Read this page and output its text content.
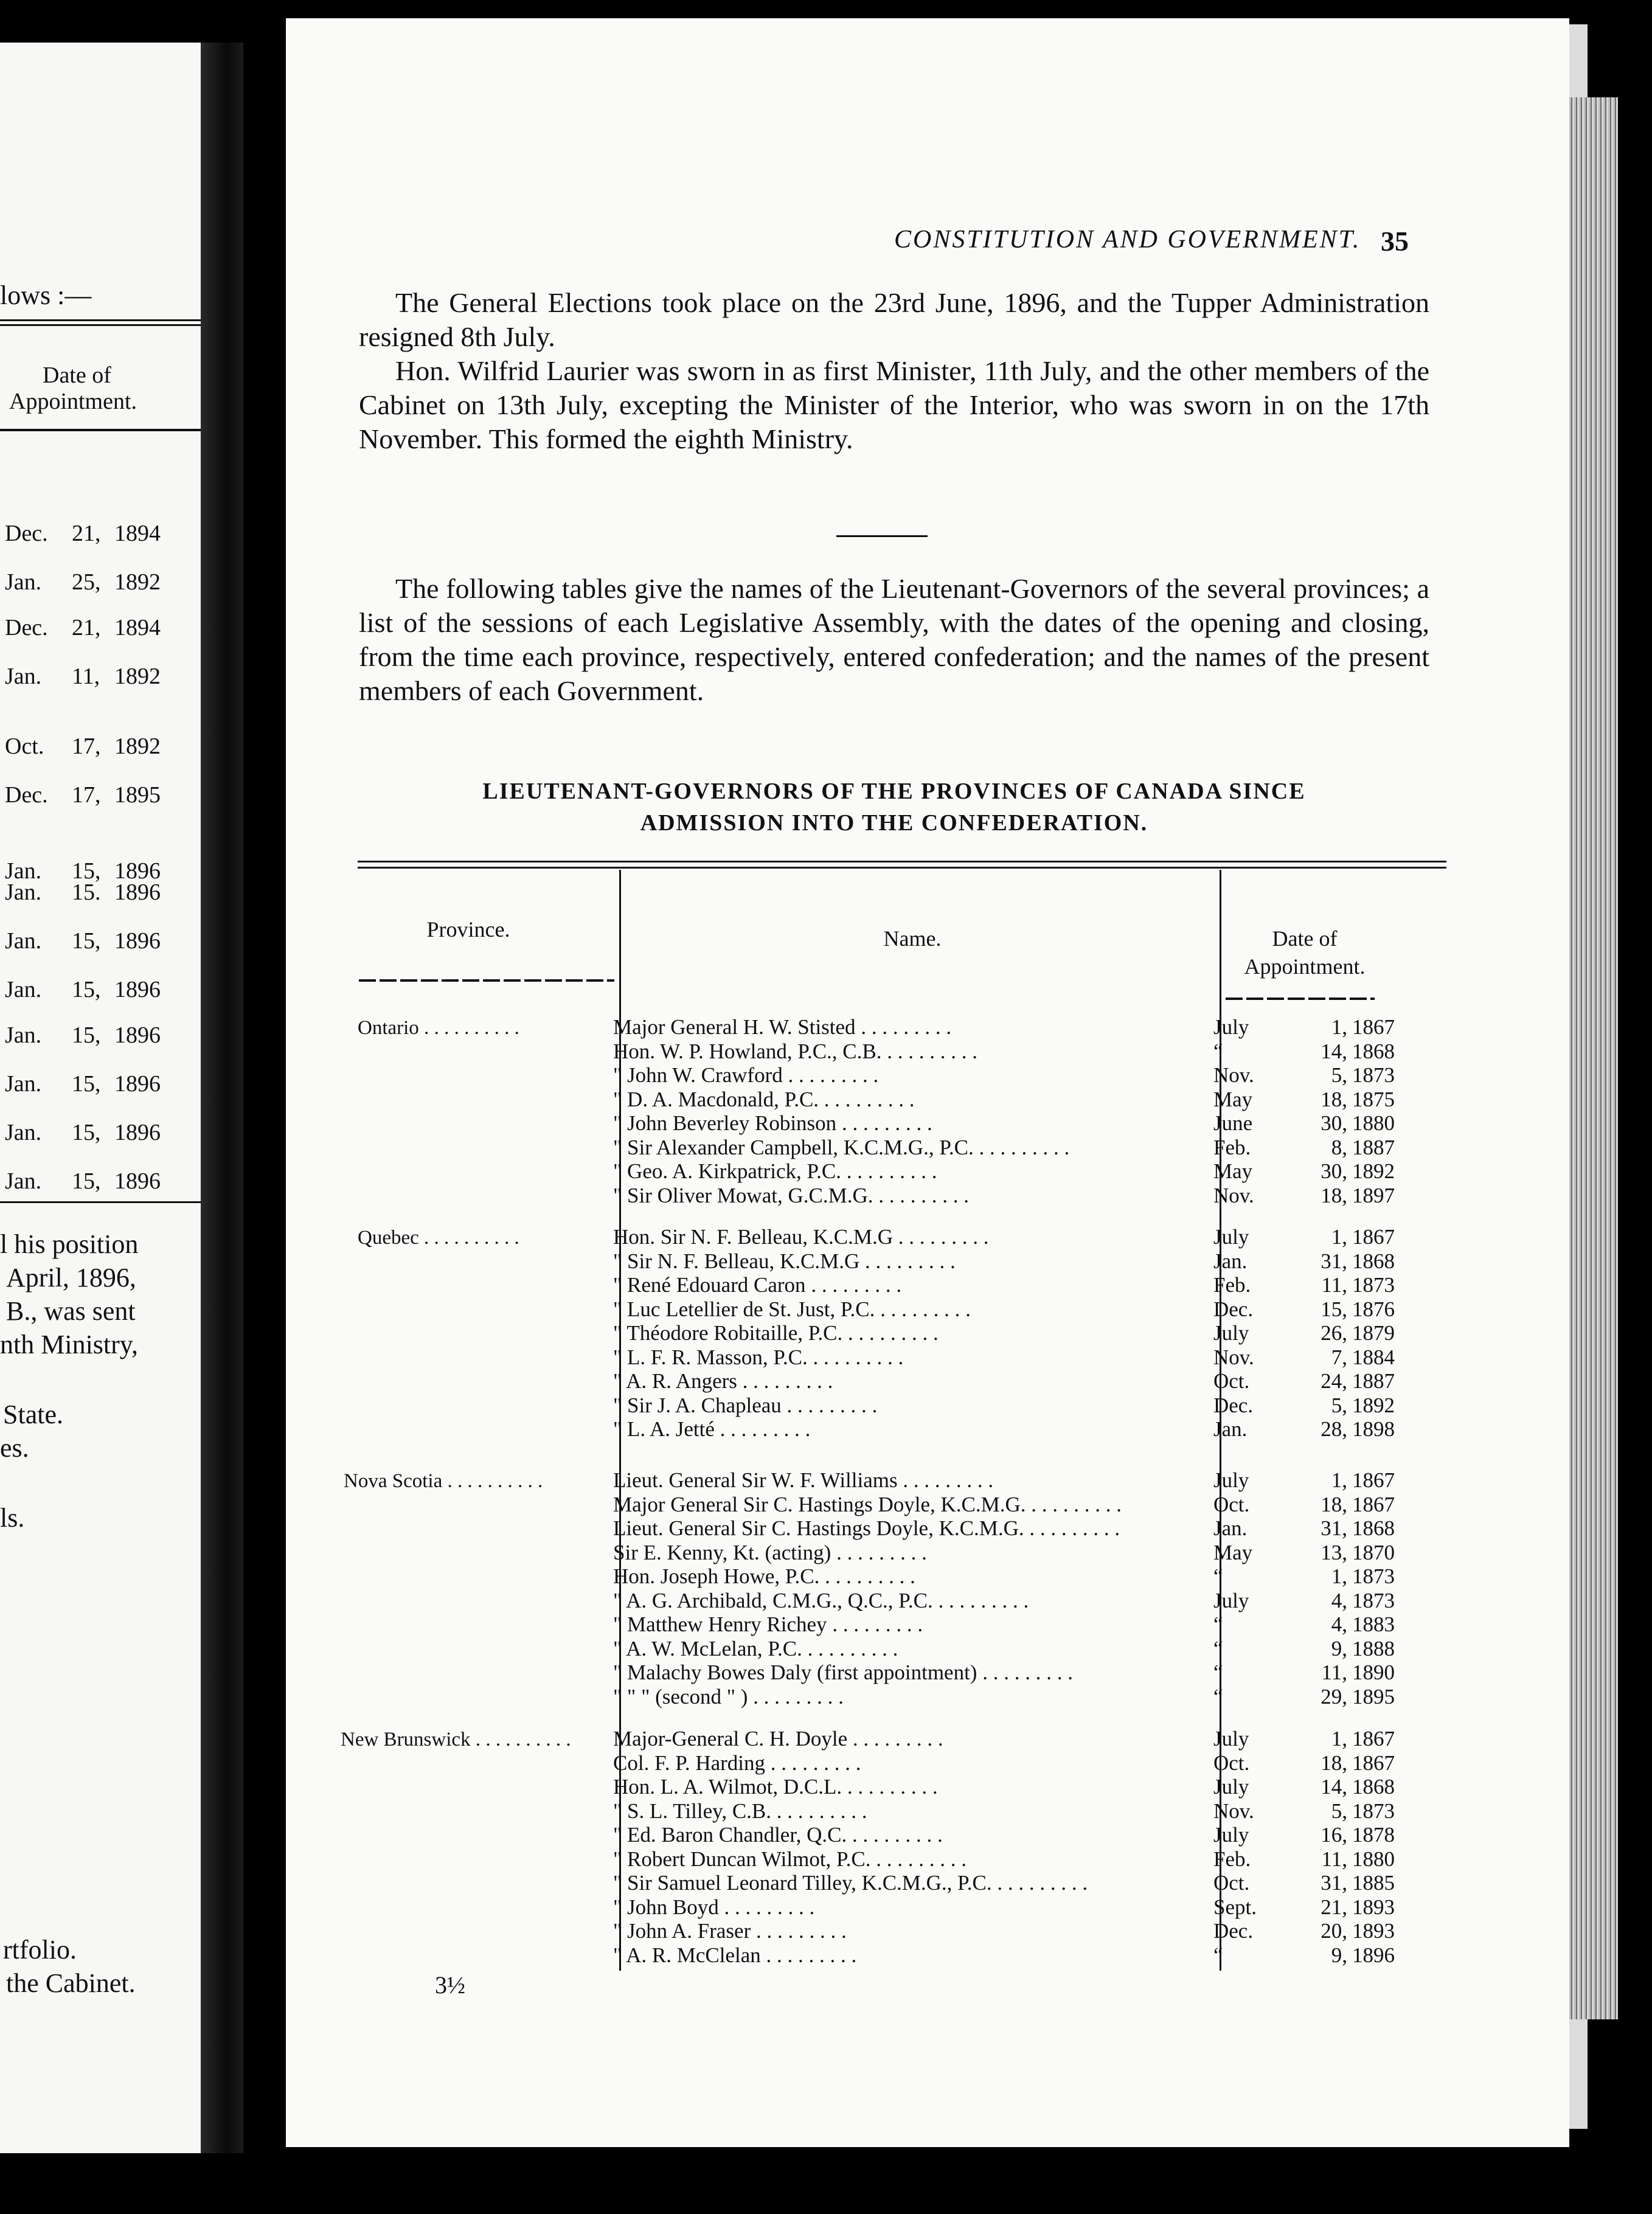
lows :—
Date of
Appointment.
Dec. 21, 1894
Jan. 25, 1892
Dec. 21, 1894
Jan. 11, 1892
Oct. 17, 1892
Dec. 17, 1895
Jan. 15, 1896
Jan. 15. 1896
Jan. 15, 1896
Jan. 15, 1896
Jan. 15, 1896
Jan. 15, 1896
Jan. 15, 1896
Jan. 15, 1896
l his position
April, 1896,
B., was sent
nth Ministry,
State.
es.
ls.
rtfolio.
the Cabinet.
CONSTITUTION AND GOVERNMENT. 35

The General Elections took place on the 23rd June, 1896, and the Tupper Administration resigned 8th July.

Hon. Wilfrid Laurier was sworn in as first Minister, 11th July, and the other members of the Cabinet on 13th July, excepting the Minister of the Interior, who was sworn in on the 17th November. This formed the eighth Ministry.

The following tables give the names of the Lieutenant-Governors of the several provinces; a list of the sessions of each Legislative Assembly, with the dates of the opening and closing, from the time each province, respectively, entered confederation; and the names of the present members of each Government.

LIEUTENANT-GOVERNORS OF THE PROVINCES OF CANADA SINCE
ADMISSION INTO THE CONFEDERATION.
Province.	Name.	Date of
Appointment.
Ontario . . . . . . . . . .	Major General H. W. Stisted . . . . . . . . .	July	1, 1867
Hon. W. P. Howland, P.C., C.B. . . . . . . . . .	“	14, 1868
" John W. Crawford . . . . . . . . .	Nov.	5, 1873
" D. A. Macdonald, P.C. . . . . . . . . .	May	18, 1875
" John Beverley Robinson . . . . . . . . .	June	30, 1880
" Sir Alexander Campbell, K.C.M.G., P.C. . . . . . . . . .	Feb.	8, 1887
" Geo. A. Kirkpatrick, P.C. . . . . . . . . .	May	30, 1892
" Sir Oliver Mowat, G.C.M.G. . . . . . . . . .	Nov.	18, 1897
Quebec . . . . . . . . . .	Hon. Sir N. F. Belleau, K.C.M.G . . . . . . . . .	July	1, 1867
" Sir N. F. Belleau, K.C.M.G . . . . . . . . .	Jan.	31, 1868
" René Edouard Caron . . . . . . . . .	Feb.	11, 1873
" Luc Letellier de St. Just, P.C. . . . . . . . . .	Dec.	15, 1876
" Théodore Robitaille, P.C. . . . . . . . . .	July	26, 1879
" L. F. R. Masson, P.C. . . . . . . . . .	Nov.	7, 1884
" A. R. Angers . . . . . . . . .	Oct.	24, 1887
" Sir J. A. Chapleau . . . . . . . . .	Dec.	5, 1892
" L. A. Jetté . . . . . . . . .	Jan.	28, 1898
Nova Scotia . . . . . . . . . .	Lieut. General Sir W. F. Williams . . . . . . . . .	July	1, 1867
Major General Sir C. Hastings Doyle, K.C.M.G. . . . . . . . . .	Oct.	18, 1867
Lieut. General Sir C. Hastings Doyle, K.C.M.G. . . . . . . . . .	Jan.	31, 1868
Sir E. Kenny, Kt. (acting) . . . . . . . . .	May	13, 1870
Hon. Joseph Howe, P.C. . . . . . . . . .	“	1, 1873
" A. G. Archibald, C.M.G., Q.C., P.C. . . . . . . . . .	July	4, 1873
" Matthew Henry Richey . . . . . . . . .	“	4, 1883
" A. W. McLelan, P.C. . . . . . . . . .	“	9, 1888
" Malachy Bowes Daly (first appointment) . . . . . . . . .	“	11, 1890
" " " (second " ) . . . . . . . . .	“	29, 1895
New Brunswick . . . . . . . . . . Major-General C. H. Doyle . . . . . . . . .	July	1, 1867
Col. F. P. Harding . . . . . . . . .	Oct.	18, 1867
Hon. L. A. Wilmot, D.C.L. . . . . . . . . .	July	14, 1868
" S. L. Tilley, C.B. . . . . . . . . .	Nov.	5, 1873
" Ed. Baron Chandler, Q.C. . . . . . . . . .	July	16, 1878
" Robert Duncan Wilmot, P.C. . . . . . . . . .	Feb.	11, 1880
" Sir Samuel Leonard Tilley, K.C.M.G., P.C. . . . . . . . . .	Oct.	31, 1885
" John Boyd . . . . . . . . .	Sept.	21, 1893
" John A. Fraser . . . . . . . . .	Dec.	20, 1893
" A. R. McClelan . . . . . . . . .	“	9, 1896
3½
